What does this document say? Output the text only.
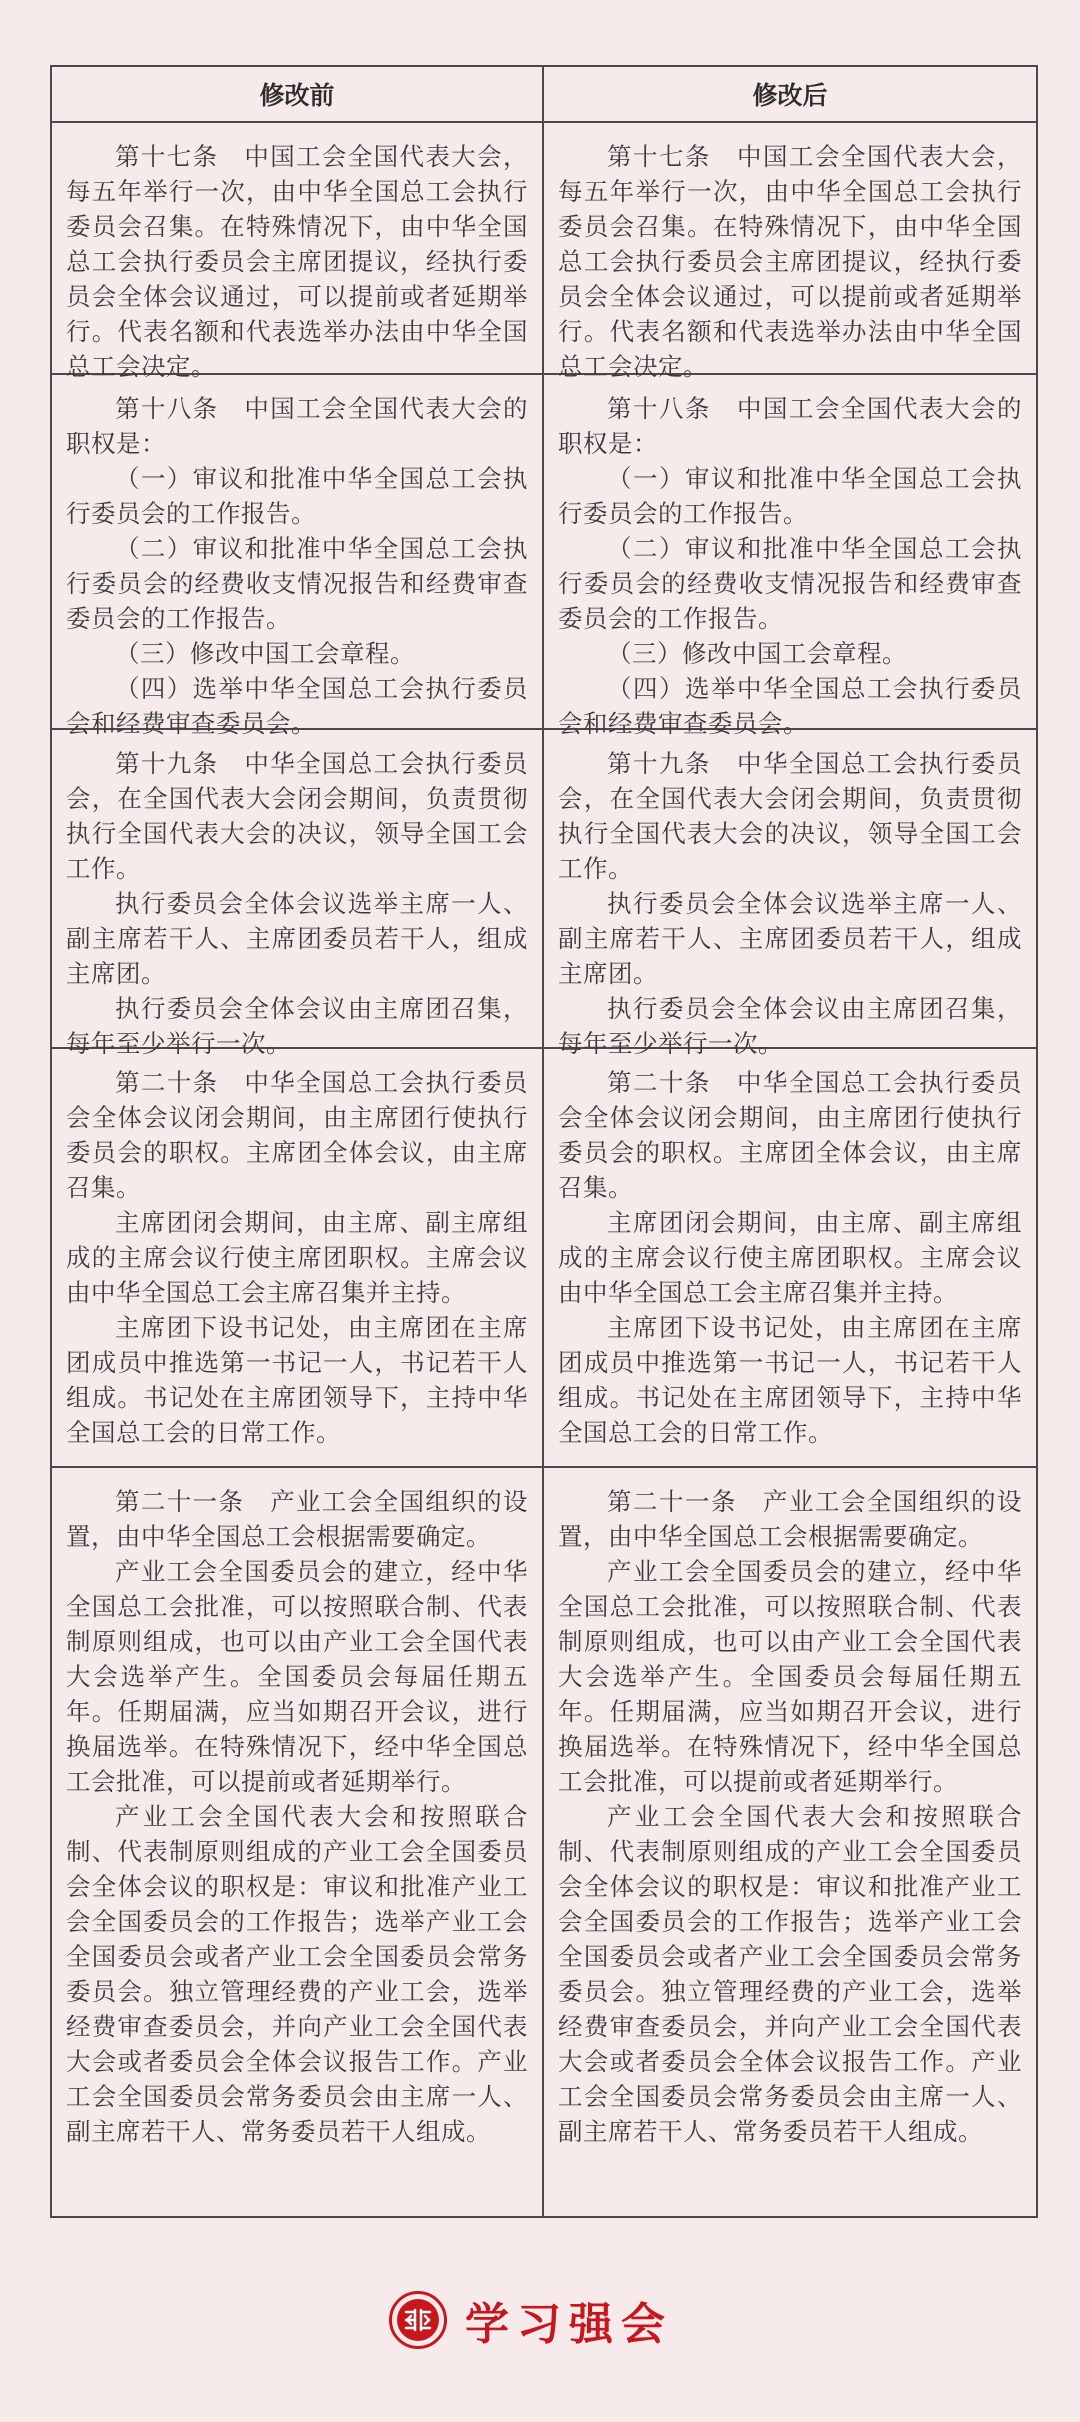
修改前	修改后

第十七条　中国工会全国代表大会，每五年举行一次，由中华全国总工会执行委员会召集。在特殊情况下，由中华全国总工会执行委员会主席团提议，经执行委员会全体会议通过，可以提前或者延期举行。代表名额和代表选举办法由中华全国总工会决定。

第十七条　中国工会全国代表大会，每五年举行一次，由中华全国总工会执行委员会召集。在特殊情况下，由中华全国总工会执行委员会主席团提议，经执行委员会全体会议通过，可以提前或者延期举行。代表名额和代表选举办法由中华全国总工会决定。

第十八条　中国工会全国代表大会的职权是：

（一）审议和批准中华全国总工会执行委员会的工作报告。

（二）审议和批准中华全国总工会执行委员会的经费收支情况报告和经费审查委员会的工作报告。

（三）修改中国工会章程。

（四）选举中华全国总工会执行委员会和经费审查委员会。

第十八条　中国工会全国代表大会的职权是：

（一）审议和批准中华全国总工会执行委员会的工作报告。

（二）审议和批准中华全国总工会执行委员会的经费收支情况报告和经费审查委员会的工作报告。

（三）修改中国工会章程。

（四）选举中华全国总工会执行委员会和经费审查委员会。

第十九条　中华全国总工会执行委员会，在全国代表大会闭会期间，负责贯彻执行全国代表大会的决议，领导全国工会工作。

执行委员会全体会议选举主席一人、副主席若干人、主席团委员若干人，组成主席团。

执行委员会全体会议由主席团召集，每年至少举行一次。

第十九条　中华全国总工会执行委员会，在全国代表大会闭会期间，负责贯彻执行全国代表大会的决议，领导全国工会工作。

执行委员会全体会议选举主席一人、副主席若干人、主席团委员若干人，组成主席团。

执行委员会全体会议由主席团召集，每年至少举行一次。

第二十条　中华全国总工会执行委员会全体会议闭会期间，由主席团行使执行委员会的职权。主席团全体会议，由主席召集。

主席团闭会期间，由主席、副主席组成的主席会议行使主席团职权。主席会议由中华全国总工会主席召集并主持。

主席团下设书记处，由主席团在主席团成员中推选第一书记一人，书记若干人组成。书记处在主席团领导下，主持中华全国总工会的日常工作。

第二十条　中华全国总工会执行委员会全体会议闭会期间，由主席团行使执行委员会的职权。主席团全体会议，由主席召集。

主席团闭会期间，由主席、副主席组成的主席会议行使主席团职权。主席会议由中华全国总工会主席召集并主持。

主席团下设书记处，由主席团在主席团成员中推选第一书记一人，书记若干人组成。书记处在主席团领导下，主持中华全国总工会的日常工作。

第二十一条　产业工会全国组织的设置，由中华全国总工会根据需要确定。

产业工会全国委员会的建立，经中华全国总工会批准，可以按照联合制、代表制原则组成，也可以由产业工会全国代表大会选举产生。全国委员会每届任期五年。任期届满，应当如期召开会议，进行换届选举。在特殊情况下，经中华全国总工会批准，可以提前或者延期举行。

产业工会全国代表大会和按照联合制、代表制原则组成的产业工会全国委员会全体会议的职权是：审议和批准产业工会全国委员会的工作报告；选举产业工会全国委员会或者产业工会全国委员会常务委员会。独立管理经费的产业工会，选举经费审查委员会，并向产业工会全国代表大会或者委员会全体会议报告工作。产业工会全国委员会常务委员会由主席一人、副主席若干人、常务委员若干人组成。

第二十一条　产业工会全国组织的设置，由中华全国总工会根据需要确定。

产业工会全国委员会的建立，经中华全国总工会批准，可以按照联合制、代表制原则组成，也可以由产业工会全国代表大会选举产生。全国委员会每届任期五年。任期届满，应当如期召开会议，进行换届选举。在特殊情况下，经中华全国总工会批准，可以提前或者延期举行。

产业工会全国代表大会和按照联合制、代表制原则组成的产业工会全国委员会全体会议的职权是：审议和批准产业工会全国委员会的工作报告；选举产业工会全国委员会或者产业工会全国委员会常务委员会。独立管理经费的产业工会，选举经费审查委员会，并向产业工会全国代表大会或者委员会全体会议报告工作。产业工会全国委员会常务委员会由主席一人、副主席若干人、常务委员若干人组成。

学习强会
